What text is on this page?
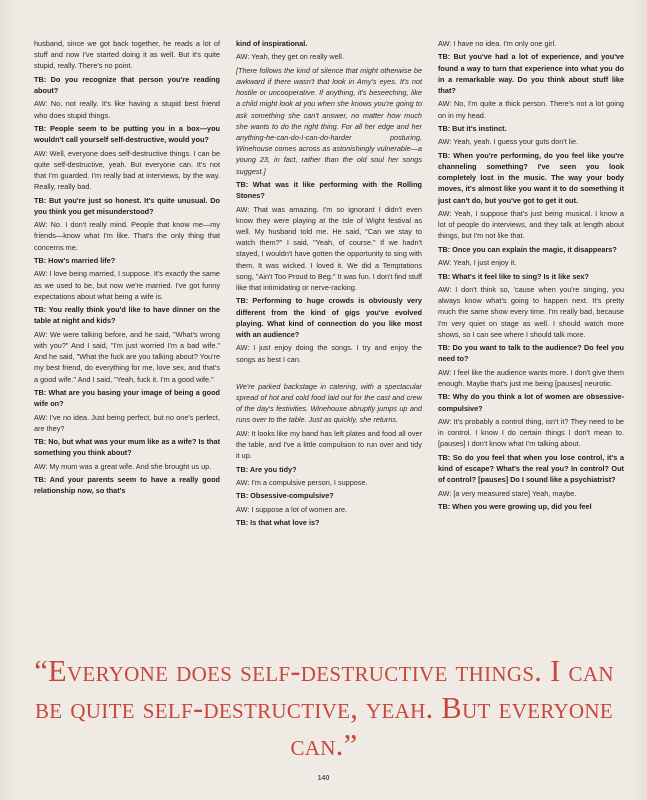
husband, since we got back together, he reads a lot of stuff and now I've started doing it as well. But it's quite stupid, really. There's no point.

TB: Do you recognize that person you're reading about?

AW: No, not really. It's like having a stupid best friend who does stupid things.

TB: People seem to be putting you in a box—you wouldn't call yourself self-destructive, would you?

AW: Well, everyone does self-destructive things. I can be quite self-destructive, yeah. But everyone can. It's not that I'm guarded. I'm really bad at interviews, by the way. Really, really bad.

TB: But you're just so honest. It's quite unusual. Do you think you get misunderstood?

AW: No. I don't really mind. People that know me—my friends—know what I'm like. That's the only thing that concerns me.

TB: How's married life?

AW: I love being married, I suppose. It's exactly the same as we used to be, but now we're married. I've got funny expectations about what being a wife is.

TB: You really think you'd like to have dinner on the table at night and kids?

AW: We were talking before, and he said, "What's wrong with you?" And I said, "I'm just worried I'm a bad wife." And he said, "What the fuck are you talking about? You're my best friend, do everything for me, love sex, and that's a good wife." And I said, "Yeah, fuck it. I'm a good wife."

TB: What are you basing your image of being a good wife on?

AW: I've no idea. Just being perfect, but no one's perfect, are they?

TB: No, but what was your mum like as a wife? Is that something you think about?

AW: My mum was a great wife. And she brought us up.

TB: And your parents seem to have a really good relationship now, so that's

kind of inspirational.

AW: Yeah, they get on really well.

[There follows the kind of silence that might otherwise be awkward if there wasn't that look in Amy's eyes. It's not hostile or uncooperative. If anything, it's beseeching, like a child might look at you when she knows you're going to ask something she can't answer, no matter how much she wants to do the right thing. For all her edge and her anything-he-can-do-I-can-do-harder posturing, Winehouse comes across as astonishingly vulnerable—a young 23, in fact, rather than the old soul her songs suggest.]

TB: What was it like performing with the Rolling Stones?

AW: That was amazing. I'm so ignorant I didn't even know they were playing at the Isle of Wight festival as well. My husband told me. He said, "Can we stay to watch them?" I said, "Yeah, of course." If we hadn't stayed, I wouldn't have gotten the opportunity to sing with them. It was wicked. I loved it. We did a Temptations song, "Ain't Too Proud to Beg." It was fun. I don't find stuff like that intimidating or nerve-racking.

TB: Performing to huge crowds is obviously very different from the kind of gigs you've evolved playing. What kind of connection do you like most with an audience?

AW: I just enjoy doing the songs. I try and enjoy the songs as best I can.

We're parked backstage in catering, with a spectacular spread of hot and cold food laid out for the cast and crew of the day's festivities. Winehouse abruptly jumps up and runs over to the table. Just as quickly, she returns.

AW: It looks like my band has left plates and food all over the table, and I've a little compulsion to run over and tidy it up.

TB: Are you tidy?

AW: I'm a compulsive person, I suppose.

TB: Obsessive-compulsive?

AW: I suppose a lot of women are.

TB: Is that what love is?

AW: I have no idea. I'm only one girl.

TB: But you've had a lot of experience, and you've found a way to turn that experience into what you do in a remarkable way. Do you think about stuff like that?

AW: No, I'm quite a thick person. There's not a lot going on in my head.

TB: But it's instinct.

AW: Yeah, yeah. I guess your guts don't lie.

TB: When you're performing, do you feel like you're channeling something? I've seen you look completely lost in the music. The way your body moves, it's almost like you want it to do something it just can't do, but you've got to get it out.

AW: Yeah, I suppose that's just being musical. I know a lot of people do interviews, and they talk at length about things, but I'm not like that.

TB: Once you can explain the magic, it disappears?

AW: Yeah, I just enjoy it.

TB: What's it feel like to sing? Is it like sex?

AW: I don't think so, 'cause when you're singing, you always know what's going to happen next. It's pretty much the same show every time. I'm really bad, because I'm very quiet on stage as well. I should watch more shows, so I can see where I should talk more.

TB: Do you want to talk to the audience? Do feel you need to?

AW: I feel like the audience wants more. I don't give them enough. Maybe that's just me being [pauses] neurotic.

TB: Why do you think a lot of women are obsessive-compulsive?

AW: It's probably a control thing, isn't it? They need to be in control. I know I do certain things I don't mean to. [pauses] I don't know what I'm talking about.

TB: So do you feel that when you lose control, it's a kind of escape? What's the real you? In control? Out of control? [pauses] Do I sound like a psychiatrist?

AW: [a very measured stare] Yeah, maybe.

TB: When you were growing up, did you feel

“Everyone does self-destructive things. I can be quite self-destructive, yeah. But everyone can.”

140
